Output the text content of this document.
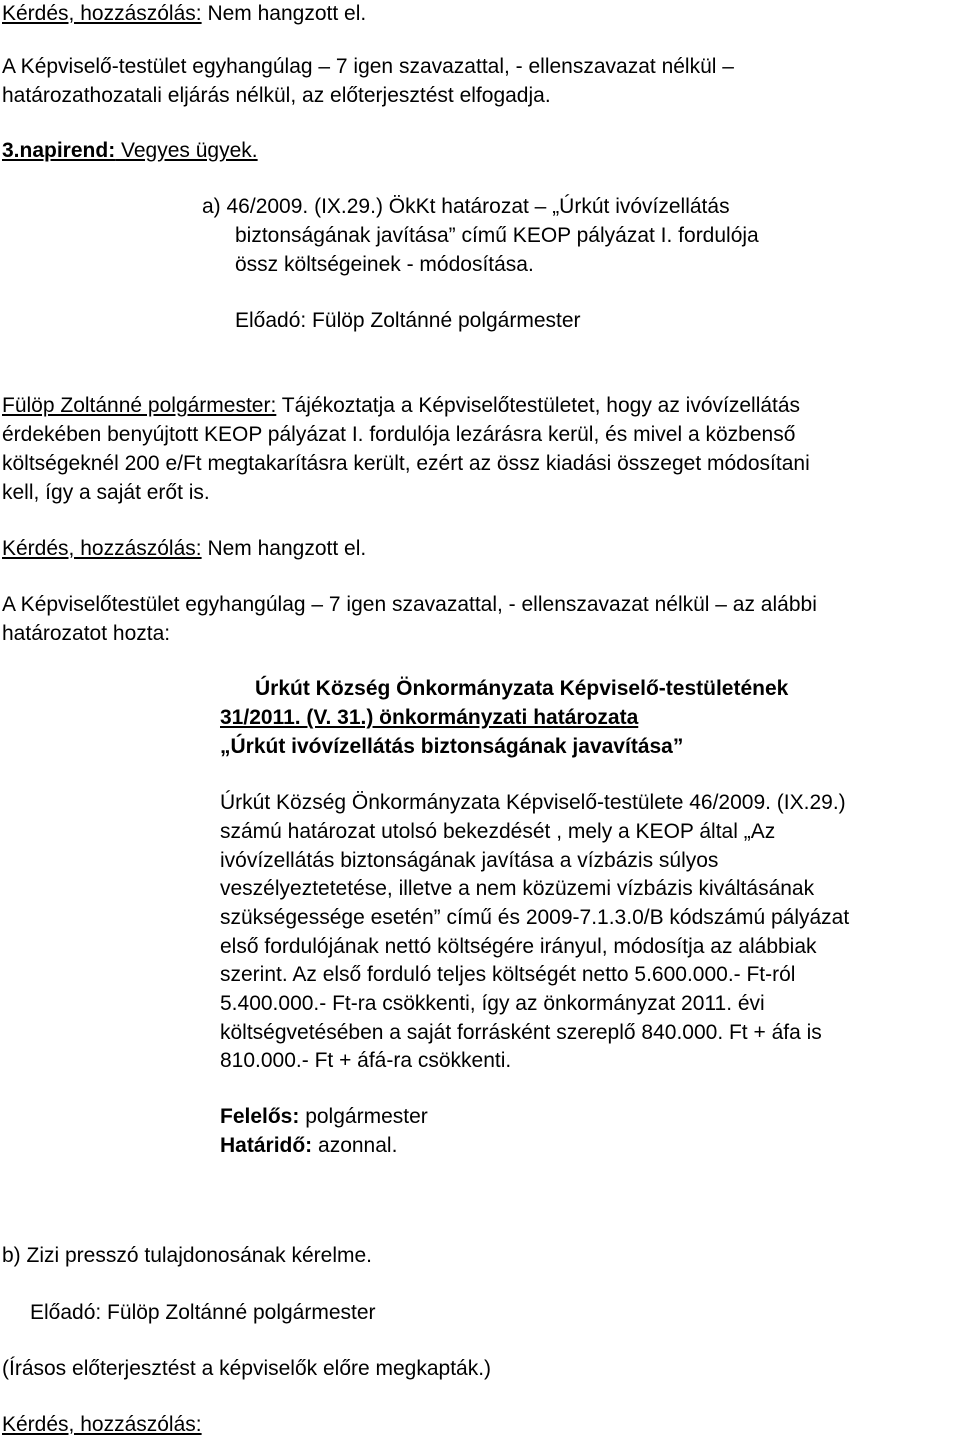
Kérdés, hozzászólás: Nem hangzott el.
A Képviselő-testület egyhangúlag – 7 igen szavazattal, - ellenszavazat nélkül –
határozathozatali eljárás nélkül, az előterjesztést elfogadja.
3.napirend: Vegyes ügyek.
a) 46/2009. (IX.29.) ÖkKt határozat – „Úrkút ivóvízellátás
biztonságának javítása” című KEOP pályázat I. fordulója
össz költségeinek - módosítása.
Előadó: Fülöp Zoltánné polgármester
Fülöp Zoltánné polgármester: Tájékoztatja a Képviselőtestületet, hogy az ivóvízellátás
érdekében benyújtott KEOP pályázat I. fordulója lezárásra kerül, és mivel a közbenső
költségeknél 200 e/Ft megtakarításra került, ezért az össz kiadási összeget módosítani
kell, így a saját erőt is.
Kérdés, hozzászólás: Nem hangzott el.
A Képviselőtestület egyhangúlag – 7 igen szavazattal, - ellenszavazat nélkül – az alábbi
határozatot hozta:
Úrkút Község Önkormányzata Képviselő-testületének
31/2011. (V. 31.) önkormányzati határozata
„Úrkút ivóvízellátás biztonságának javavítása”
Úrkút Község Önkormányzata Képviselő-testülete 46/2009. (IX.29.)
számú határozat utolsó bekezdését , mely a KEOP által „Az
ivóvízellátás biztonságának javítása a vízbázis súlyos
veszélyeztetetése, illetve a nem közüzemi vízbázis kiváltásának
szükségessége esetén” című és 2009-7.1.3.0/B kódszámú pályázat
első fordulójának nettó költségére irányul, módosítja az alábbiak
szerint. Az első forduló teljes költségét netto 5.600.000.- Ft-ról
5.400.000.- Ft-ra csökkenti, így az önkormányzat 2011. évi
költségvetésében a saját forrásként szereplő 840.000. Ft + áfa is
810.000.- Ft + áfá-ra csökkenti.
Felelős: polgármester
Határidő: azonnal.
b) Zizi presszó tulajdonosának kérelme.
Előadó: Fülöp Zoltánné polgármester
(Írásos előterjesztést a képviselők előre megkapták.)
Kérdés, hozzászólás:
